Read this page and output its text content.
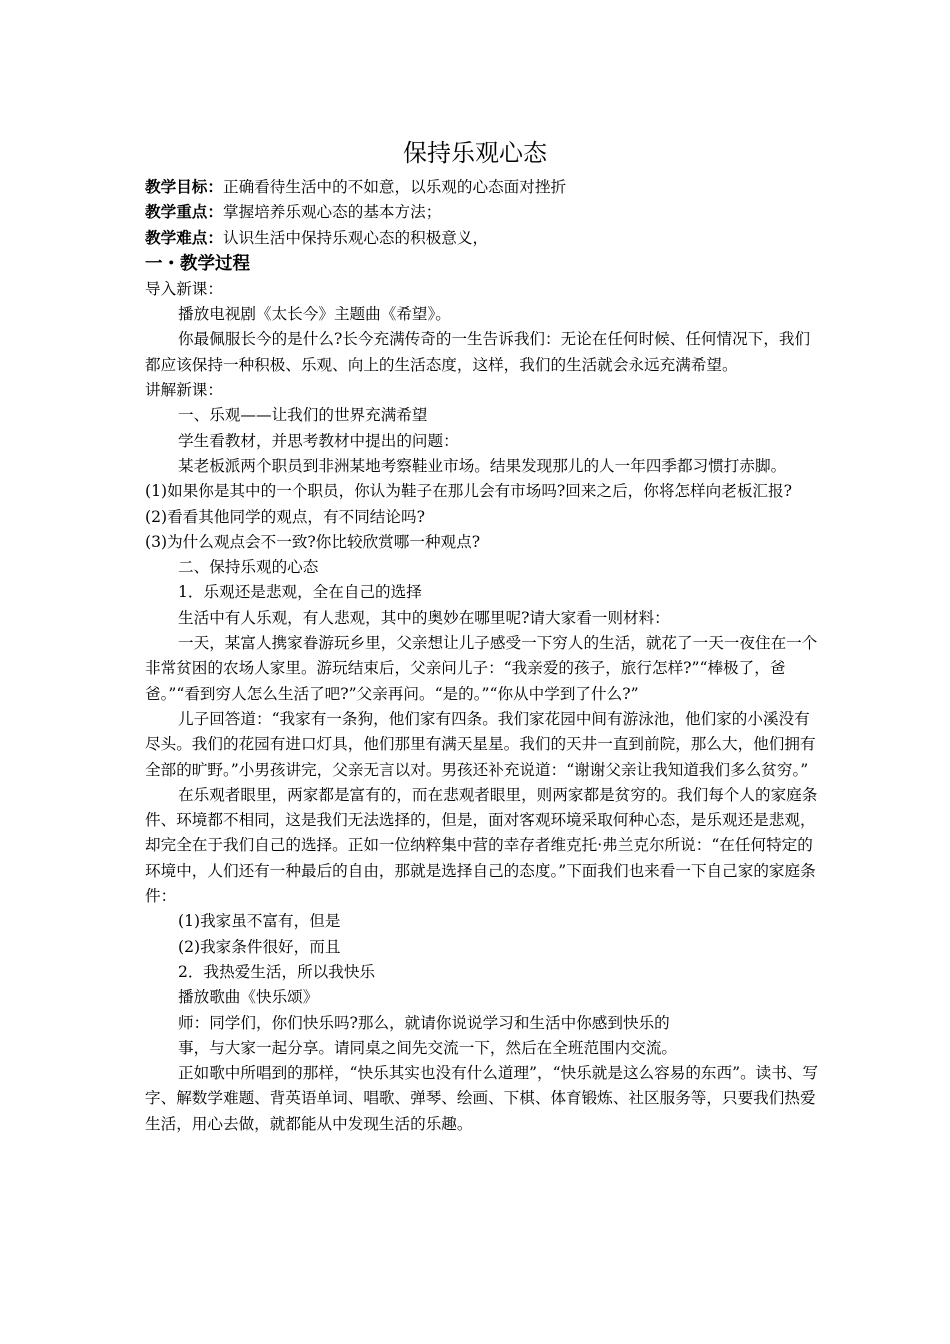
保持乐观心态

教学目标：正确看待生活中的不如意，以乐观的心态面对挫折

教学重点：掌握培养乐观心态的基本方法；

教学难点：认识生活中保持乐观心态的积极意义，

一・教学过程

导入新课：

播放电视剧《太长今》主题曲《希望》。

你最佩服长今的是什么?长今充满传奇的一生告诉我们：无论在任何时候、任何情况下，我们都应该保持一种积极、乐观、向上的生活态度，这样，我们的生活就会永远充满希望。

讲解新课：

一、乐观——让我们的世界充满希望

学生看教材，并思考教材中提出的问题：

某老板派两个职员到非洲某地考察鞋业市场。结果发现那儿的人一年四季都习惯打赤脚。

(1)如果你是其中的一个职员，你认为鞋子在那儿会有市场吗?回来之后，你将怎样向老板汇报?

(2)看看其他同学的观点，有不同结论吗?

(3)为什么观点会不一致?你比较欣赏哪一种观点?

二、保持乐观的心态

1．乐观还是悲观，全在自己的选择

生活中有人乐观，有人悲观，其中的奥妙在哪里呢?请大家看一则材料：

一天，某富人携家眷游玩乡里，父亲想让儿子感受一下穷人的生活，就花了一天一夜住在一个非常贫困的农场人家里。游玩结束后，父亲问儿子：“我亲爱的孩子，旅行怎样?”“棒极了，爸爸。”“看到穷人怎么生活了吧?”父亲再问。“是的。”“你从中学到了什么?”

儿子回答道：“我家有一条狗，他们家有四条。我们家花园中间有游泳池，他们家的小溪没有尽头。我们的花园有进口灯具，他们那里有满天星星。我们的天井一直到前院，那么大，他们拥有全部的旷野。”小男孩讲完，父亲无言以对。男孩还补充说道：“谢谢父亲让我知道我们多么贫穷。”

在乐观者眼里，两家都是富有的，而在悲观者眼里，则两家都是贫穷的。我们每个人的家庭条件、环境都不相同，这是我们无法选择的，但是，面对客观环境采取何种心态，是乐观还是悲观，却完全在于我们自己的选择。正如一位纳粹集中营的幸存者维克托·弗兰克尔所说：“在任何特定的环境中，人们还有一种最后的自由，那就是选择自己的态度。”下面我们也来看一下自己家的家庭条件：

(1)我家虽不富有，但是

(2)我家条件很好，而且

2．我热爱生活，所以我快乐

播放歌曲《快乐颂》

师：同学们，你们快乐吗?那么，就请你说说学习和生活中你感到快乐的

事，与大家一起分享。请同桌之间先交流一下，然后在全班范围内交流。

正如歌中所唱到的那样，“快乐其实也没有什么道理”，“快乐就是这么容易的东西”。读书、写字、解数学难题、背英语单词、唱歌、弹琴、绘画、下棋、体育锻炼、社区服务等，只要我们热爱生活，用心去做，就都能从中发现生活的乐趣。
